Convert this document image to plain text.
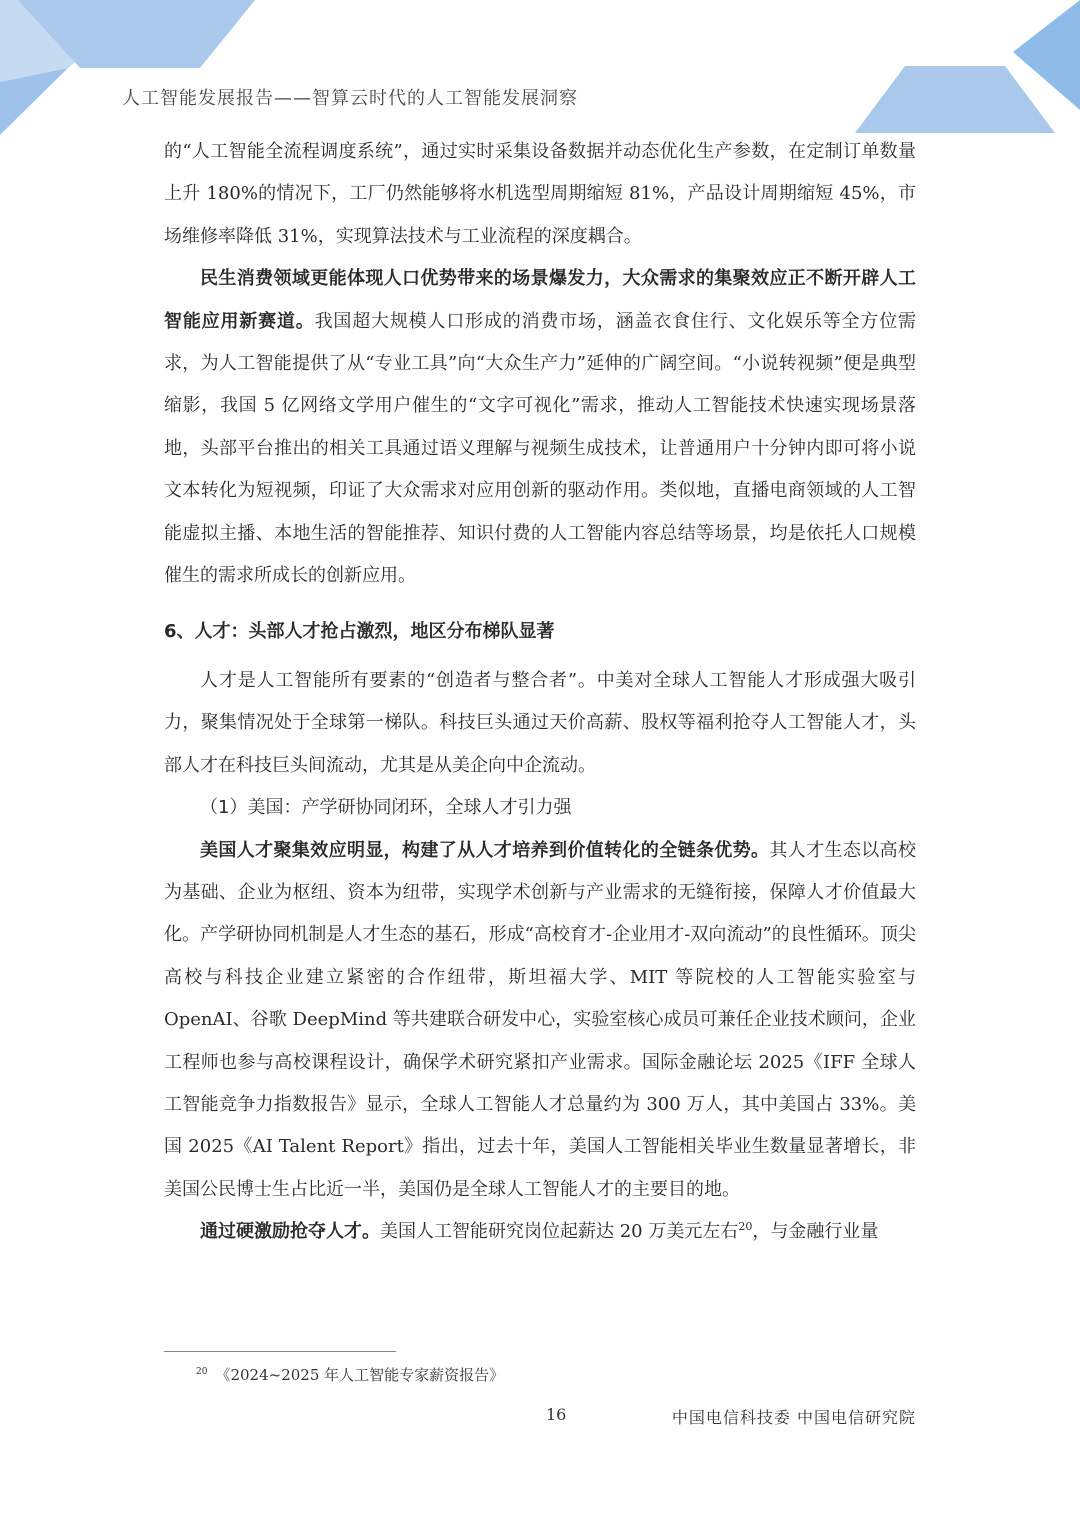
人工智能发展报告——智算云时代的人工智能发展洞察

的“人工智能全流程调度系统”，通过实时采集设备数据并动态优化生产参数，在定制订单数量上升 180%的情况下，工厂仍然能够将水机选型周期缩短 81%，产品设计周期缩短 45%，市场维修率降低 31%，实现算法技术与工业流程的深度耦合。

民生消费领域更能体现人口优势带来的场景爆发力，大众需求的集聚效应正不断开辟人工智能应用新赛道。我国超大规模人口形成的消费市场，涵盖衣食住行、文化娱乐等全方位需求，为人工智能提供了从“专业工具”向“大众生产力”延伸的广阔空间。“小说转视频”便是典型缩影，我国 5 亿网络文学用户催生的“文字可视化”需求，推动人工智能技术快速实现场景落地，头部平台推出的相关工具通过语义理解与视频生成技术，让普通用户十分钟内即可将小说文本转化为短视频，印证了大众需求对应用创新的驱动作用。类似地，直播电商领域的人工智能虚拟主播、本地生活的智能推荐、知识付费的人工智能内容总结等场景，均是依托人口规模催生的需求所成长的创新应用。

6、人才：头部人才抢占激烈，地区分布梯队显著

人才是人工智能所有要素的“创造者与整合者”。中美对全球人工智能人才形成强大吸引力，聚集情况处于全球第一梯队。科技巨头通过天价高薪、股权等福利抢夺人工智能人才，头部人才在科技巨头间流动，尤其是从美企向中企流动。

（1）美国：产学研协同闭环，全球人才引力强

美国人才聚集效应明显，构建了从人才培养到价值转化的全链条优势。其人才生态以高校为基础、企业为枢纽、资本为纽带，实现学术创新与产业需求的无缝衔接，保障人才价值最大化。产学研协同机制是人才生态的基石，形成“高校育才-企业用才-双向流动”的良性循环。顶尖高校与科技企业建立紧密的合作纽带，斯坦福大学、MIT 等院校的人工智能实验室与 OpenAI、谷歌 DeepMind 等共建联合研发中心，实验室核心成员可兼任企业技术顾问，企业工程师也参与高校课程设计，确保学术研究紧扣产业需求。国际金融论坛 2025《IFF 全球人工智能竞争力指数报告》显示，全球人工智能人才总量约为 300 万人，其中美国占 33%。美国 2025《AI Talent Report》指出，过去十年，美国人工智能相关毕业生数量显著增长，非美国公民博士生占比近一半，美国仍是全球人工智能人才的主要目的地。

通过硬激励抢夺人才。美国人工智能研究岗位起薪达 20 万美元左右$^{20}$，与金融行业量

$^{20}$ 《2024~2025 年人工智能专家薪资报告》
16	中国电信科技委 中国电信研究院
